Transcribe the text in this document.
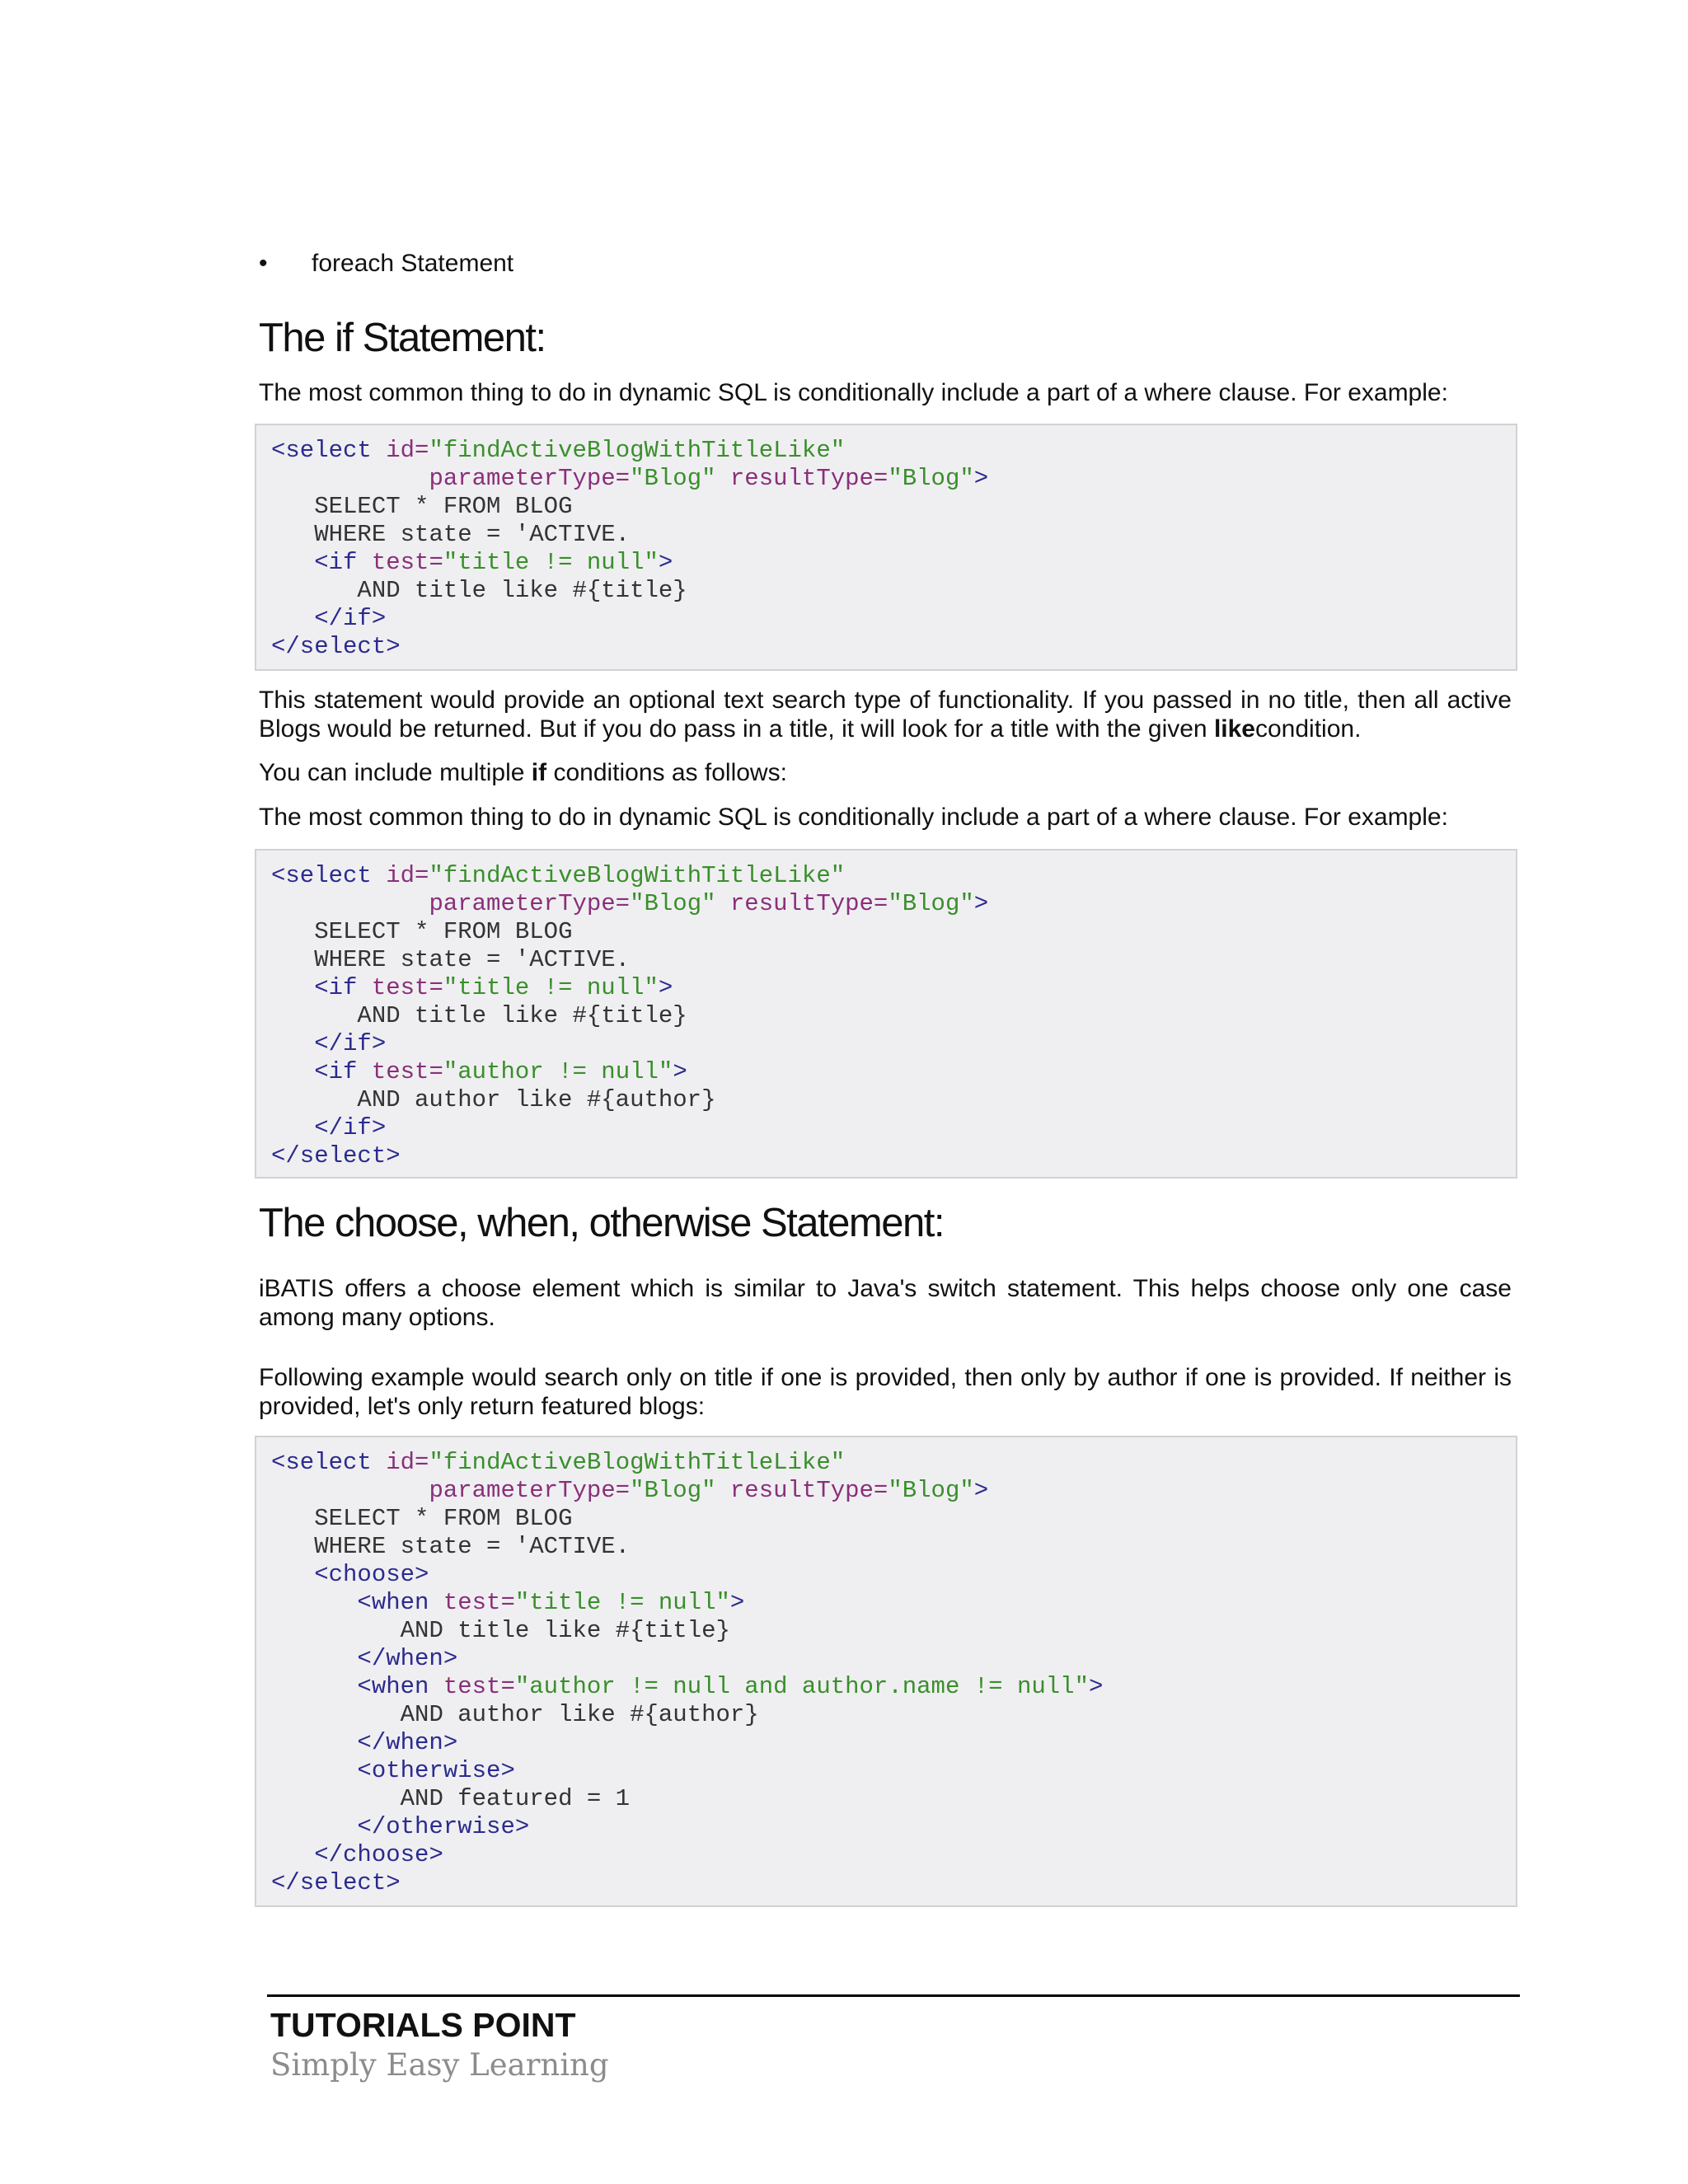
•	foreach Statement
The if Statement:

The most common thing to do in dynamic SQL is conditionally include a part of a where clause. For example:

<select id="findActiveBlogWithTitleLike"
parameterType="Blog" resultType="Blog">
SELECT * FROM BLOG
WHERE state = 'ACTIVE.
<if test="title != null">
AND title like #{title}
</if>
</select>

This statement would provide an optional text search type of functionality. If you passed in no title, then all active Blogs would be returned. But if you do pass in a title, it will look for a title with the given likecondition.

You can include multiple if conditions as follows:

The most common thing to do in dynamic SQL is conditionally include a part of a where clause. For example:

<select id="findActiveBlogWithTitleLike"
parameterType="Blog" resultType="Blog">
SELECT * FROM BLOG
WHERE state = 'ACTIVE.
<if test="title != null">
AND title like #{title}
</if>
<if test="author != null">
AND author like #{author}
</if>
</select>
The choose, when, otherwise Statement:

iBATIS offers a choose element which is similar to Java's switch statement. This helps choose only one case among many options.

Following example would search only on title if one is provided, then only by author if one is provided. If neither is provided, let's only return featured blogs:

<select id="findActiveBlogWithTitleLike"
parameterType="Blog" resultType="Blog">
SELECT * FROM BLOG
WHERE state = 'ACTIVE.
<choose>
<when test="title != null">
AND title like #{title}
</when>
<when test="author != null and author.name != null">
AND author like #{author}
</when>
<otherwise>
AND featured = 1
</otherwise>
</choose>
</select>
TUTORIALS POINT
Simply Easy Learning
